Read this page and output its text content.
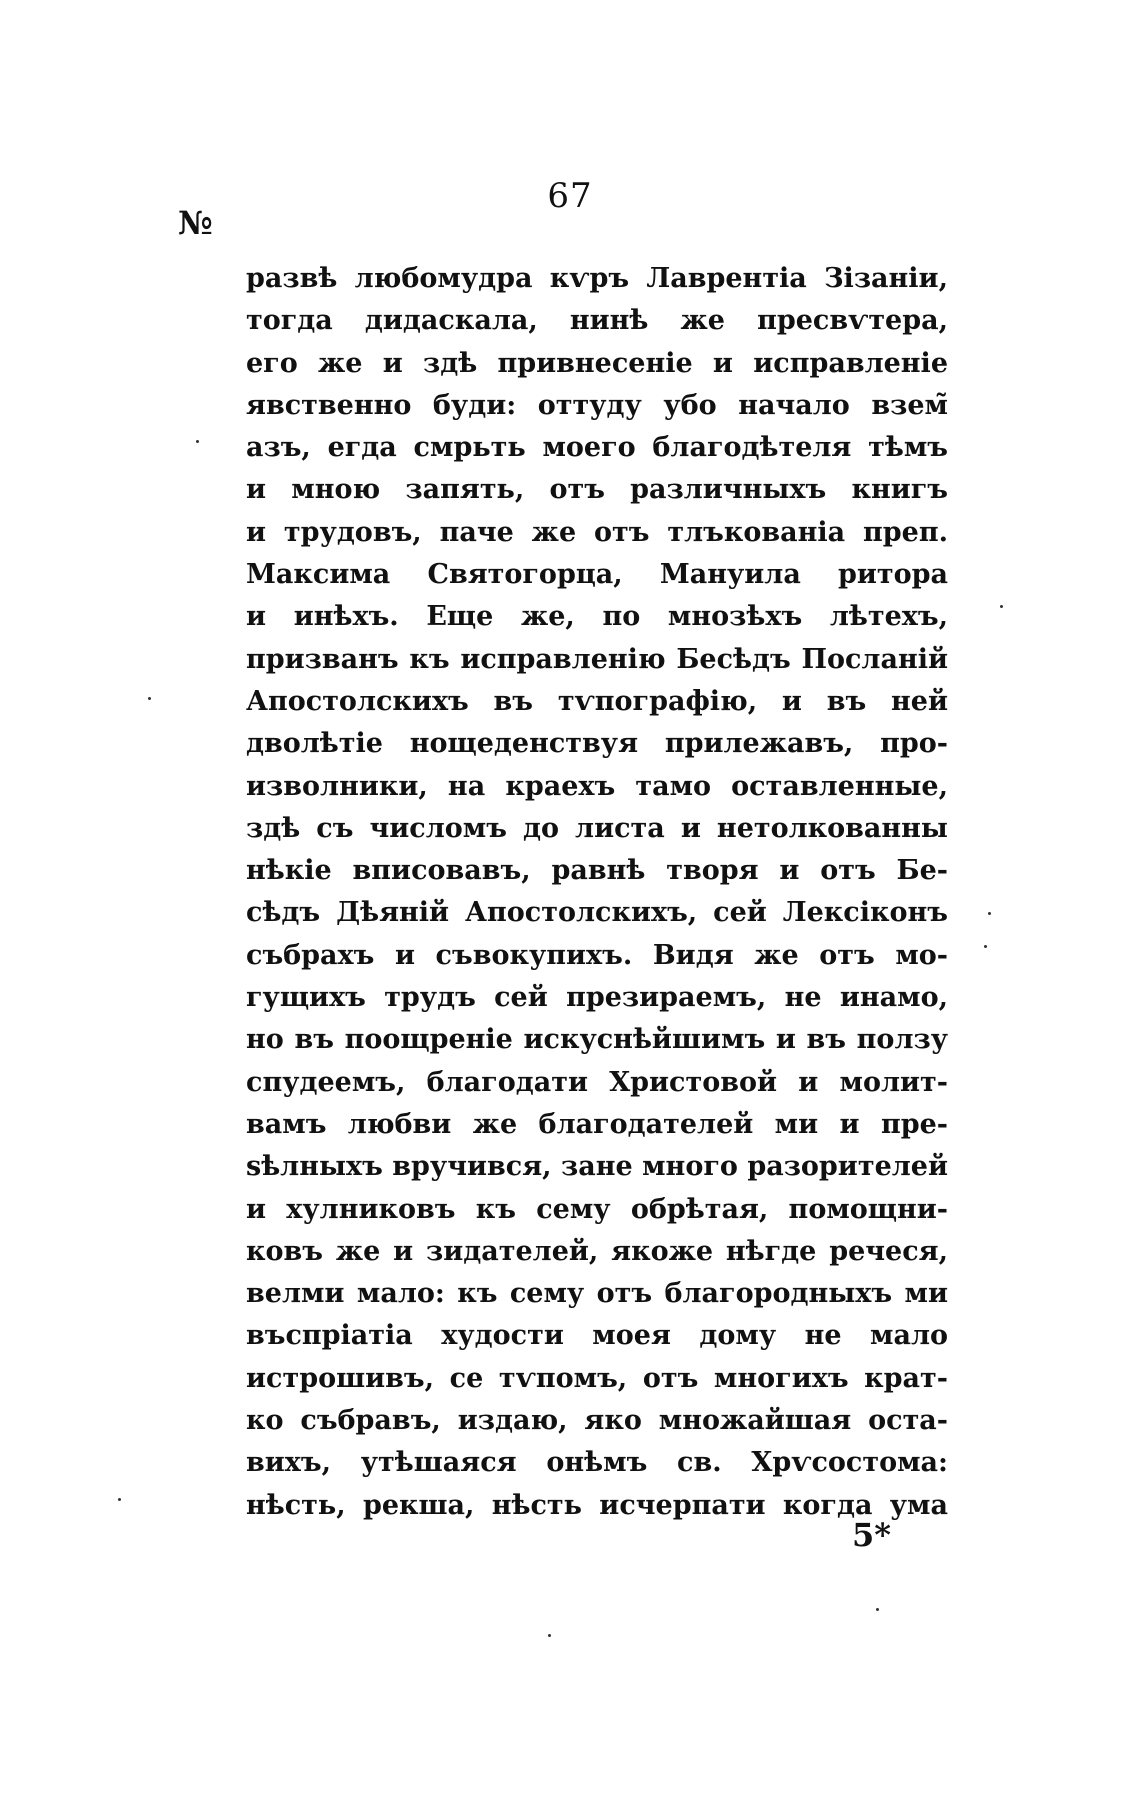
67
№
развѣ любомудра кѵръ Лаврентіа Зізаніи,
тогда дидаскала, нинѣ же пресвѵтера,
его же и здѣ привнесеніе и исправленіе
явственно буди: оттуду убо начало взем̃
азъ, егда смрьть моего благодѣтеля тѣмъ
и мною запять, отъ различныхъ книгъ
и трудовъ, паче же отъ тлъкованіа преп.
Максима Святогорца, Мануила ритора
и инѣхъ. Еще же, по мнозѣхъ лѣтехъ,
призванъ къ исправленію Бесѣдъ Посланій
Апостолскихъ въ тѵпографію, и въ ней
дволѣтіе нощеденствуя прилежавъ, про-
изволники, на краехъ тамо оставленные,
здѣ съ числомъ до листа и нетолкованны
нѣкіе вписовавъ, равнѣ творя и отъ Бе-
сѣдъ Дѣяній Апостолскихъ, сей Лексіконъ
събрахъ и съвокупихъ. Видя же отъ мо-
гущихъ трудъ сей презираемъ, не инамо,
но въ поощреніе искуснѣйшимъ и въ ползу
спудеемъ, благодати Христовой и молит-
вамъ любви же благодателей ми и пре-
ѕѣлныхъ вручився, зане много разорителей
и хулниковъ къ сему обрѣтая, помощни-
ковъ же и зидателей, якоже нѣгде речеся,
велми мало: къ сему отъ благородныхъ ми
въспріатіа худости моея дому не мало
истрошивъ, се тѵпомъ, отъ многихъ крат-
ко събравъ, издаю, яко множайшая оста-
вихъ, утѣшаяся онѣмъ св. Хрѵсостома:
нѣсть, рекша, нѣсть исчерпати когда ума
5*
